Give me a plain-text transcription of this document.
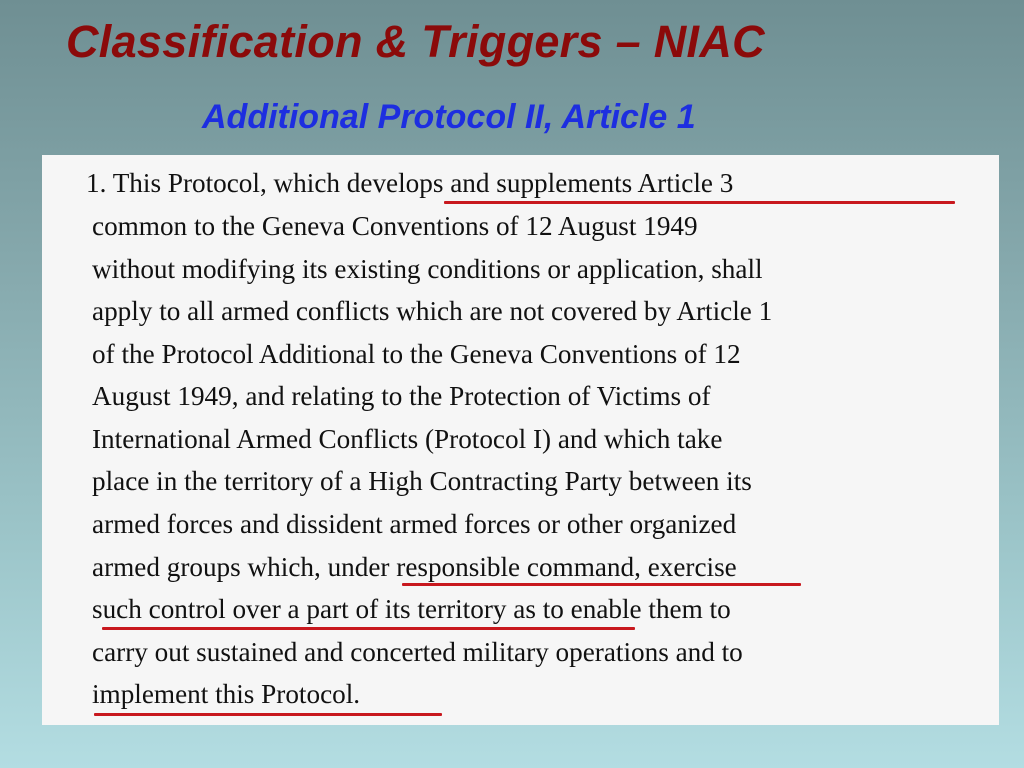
Classification & Triggers – NIAC
Additional Protocol II, Article 1
1. This Protocol, which develops and supplements Article 3
common to the Geneva Conventions of 12 August 1949
without modifying its existing conditions or application, shall
apply to all armed conflicts which are not covered by Article 1
of the Protocol Additional to the Geneva Conventions of 12
August 1949, and relating to the Protection of Victims of
International Armed Conflicts (Protocol I) and which take
place in the territory of a High Contracting Party between its
armed forces and dissident armed forces or other organized
armed groups which, under responsible command, exercise
such control over a part of its territory as to enable them to
carry out sustained and concerted military operations and to
implement this Protocol.
